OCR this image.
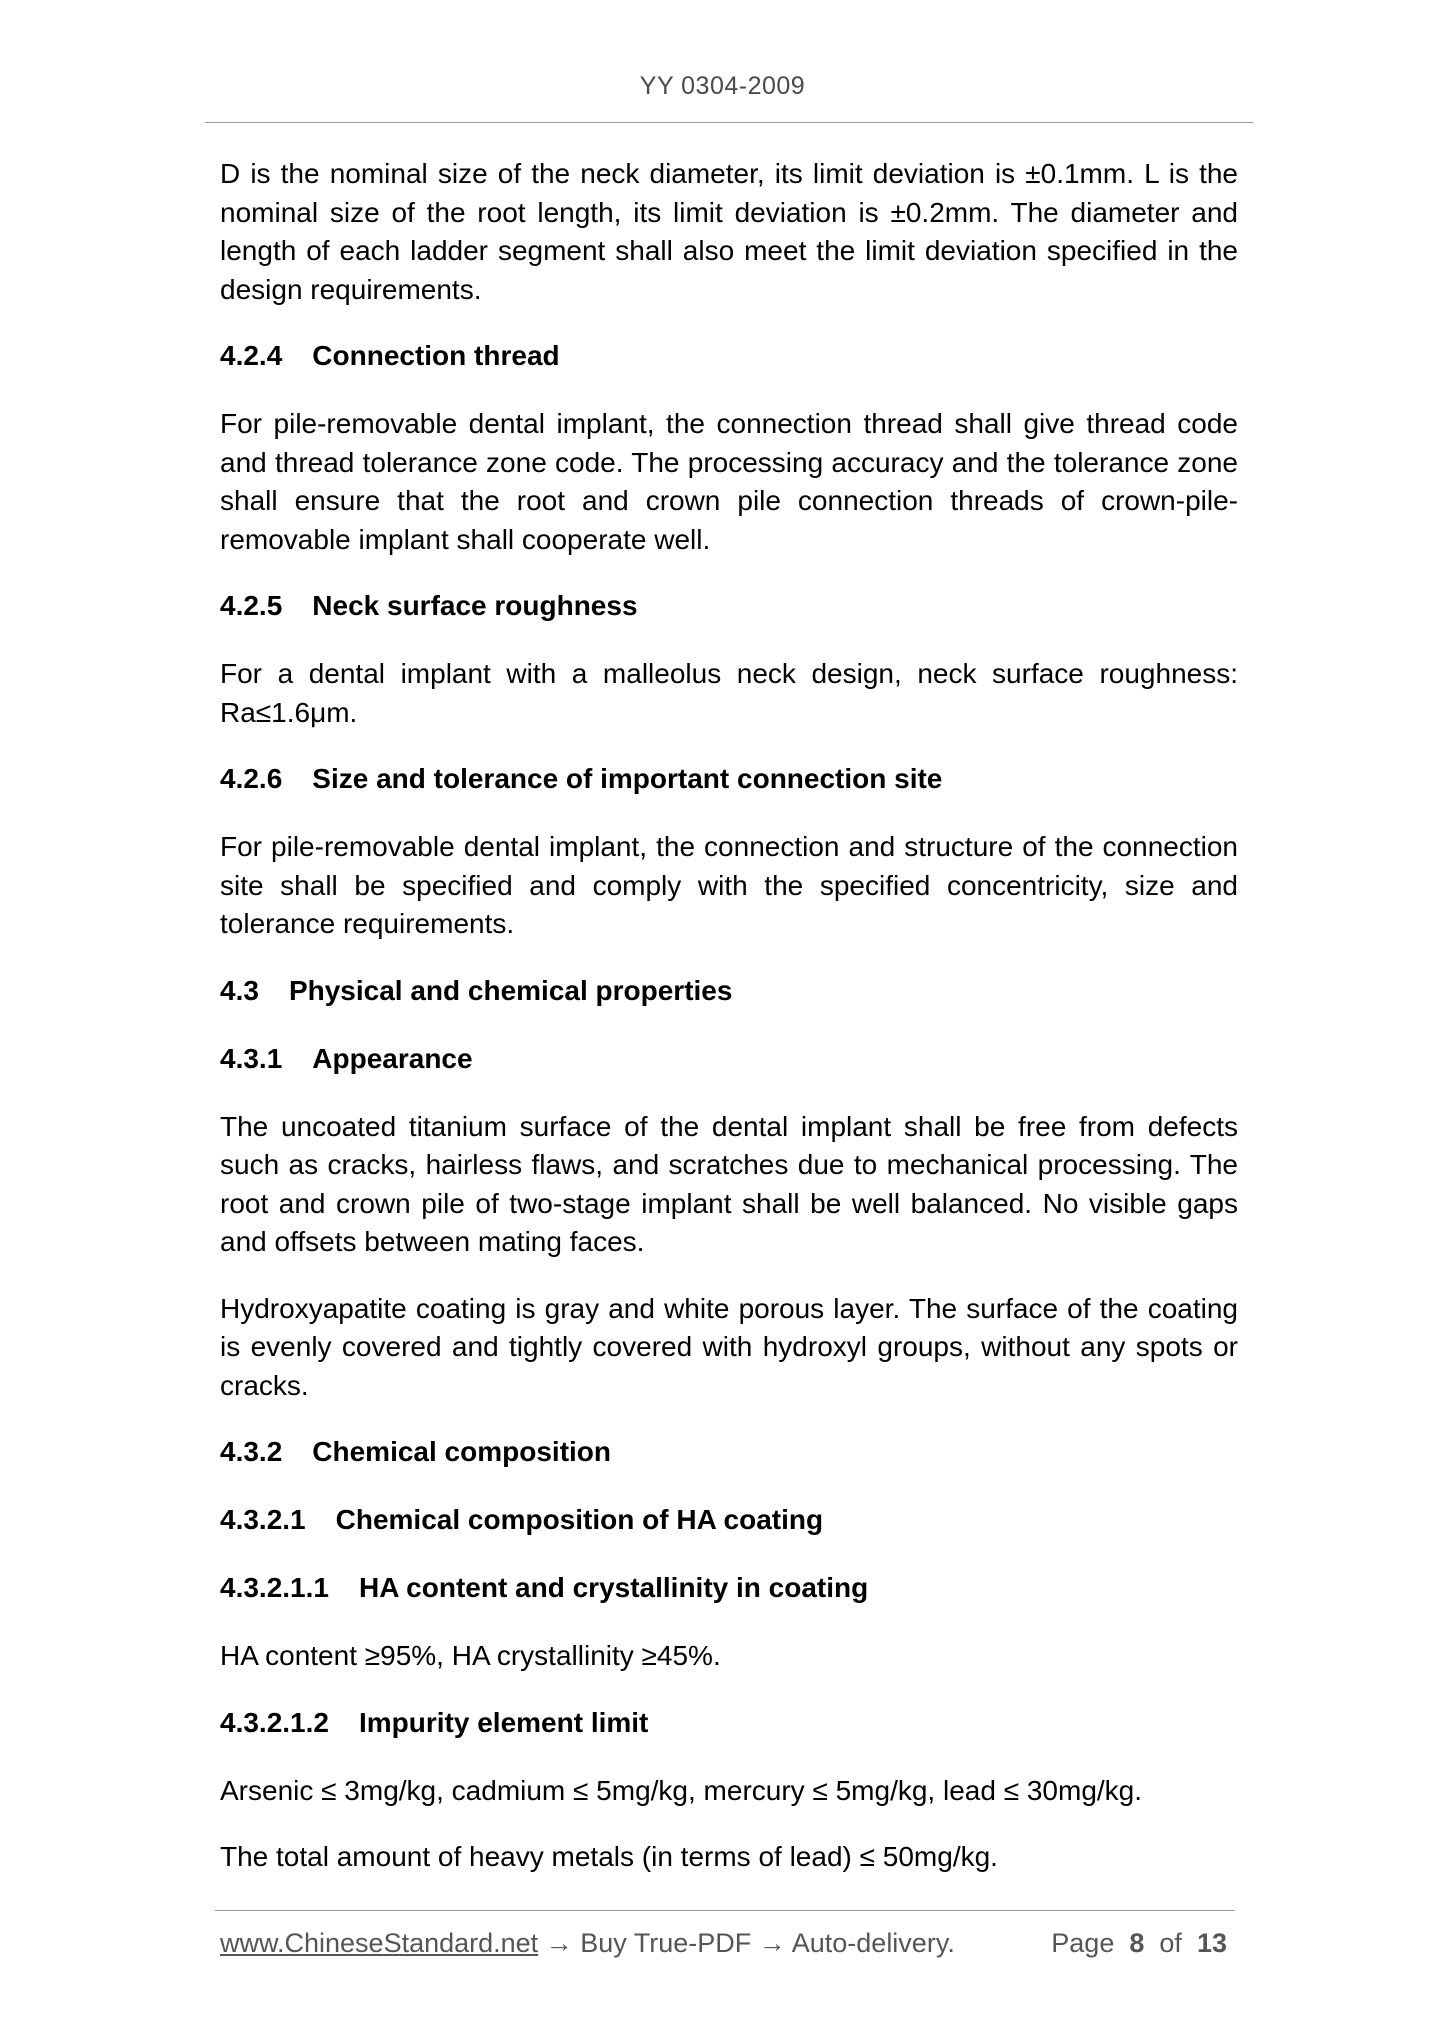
YY 0304-2009

D is the nominal size of the neck diameter, its limit deviation is ±0.1mm. L is the nominal size of the root length, its limit deviation is ±0.2mm. The diameter and length of each ladder segment shall also meet the limit deviation specified in the design requirements.

4.2.4 Connection thread

For pile-removable dental implant, the connection thread shall give thread code and thread tolerance zone code. The processing accuracy and the tolerance zone shall ensure that the root and crown pile connection threads of crown-pile-removable implant shall cooperate well.

4.2.5 Neck surface roughness

For a dental implant with a malleolus neck design, neck surface roughness: Ra≤1.6μm.

4.2.6 Size and tolerance of important connection site

For pile-removable dental implant, the connection and structure of the connection site shall be specified and comply with the specified concentricity, size and tolerance requirements.

4.3 Physical and chemical properties
4.3.1 Appearance

The uncoated titanium surface of the dental implant shall be free from defects such as cracks, hairless flaws, and scratches due to mechanical processing. The root and crown pile of two-stage implant shall be well balanced. No visible gaps and offsets between mating faces.

Hydroxyapatite coating is gray and white porous layer. The surface of the coating is evenly covered and tightly covered with hydroxyl groups, without any spots or cracks.

4.3.2 Chemical composition
4.3.2.1 Chemical composition of HA coating
4.3.2.1.1 HA content and crystallinity in coating

HA content ≥95%, HA crystallinity ≥45%.

4.3.2.1.2 Impurity element limit

Arsenic ≤ 3mg/kg, cadmium ≤ 5mg/kg, mercury ≤ 5mg/kg, lead ≤ 30mg/kg.

The total amount of heavy metals (in terms of lead) ≤ 50mg/kg.

www.ChineseStandard.net → Buy True-PDF → Auto-delivery.	Page 8 of 13
